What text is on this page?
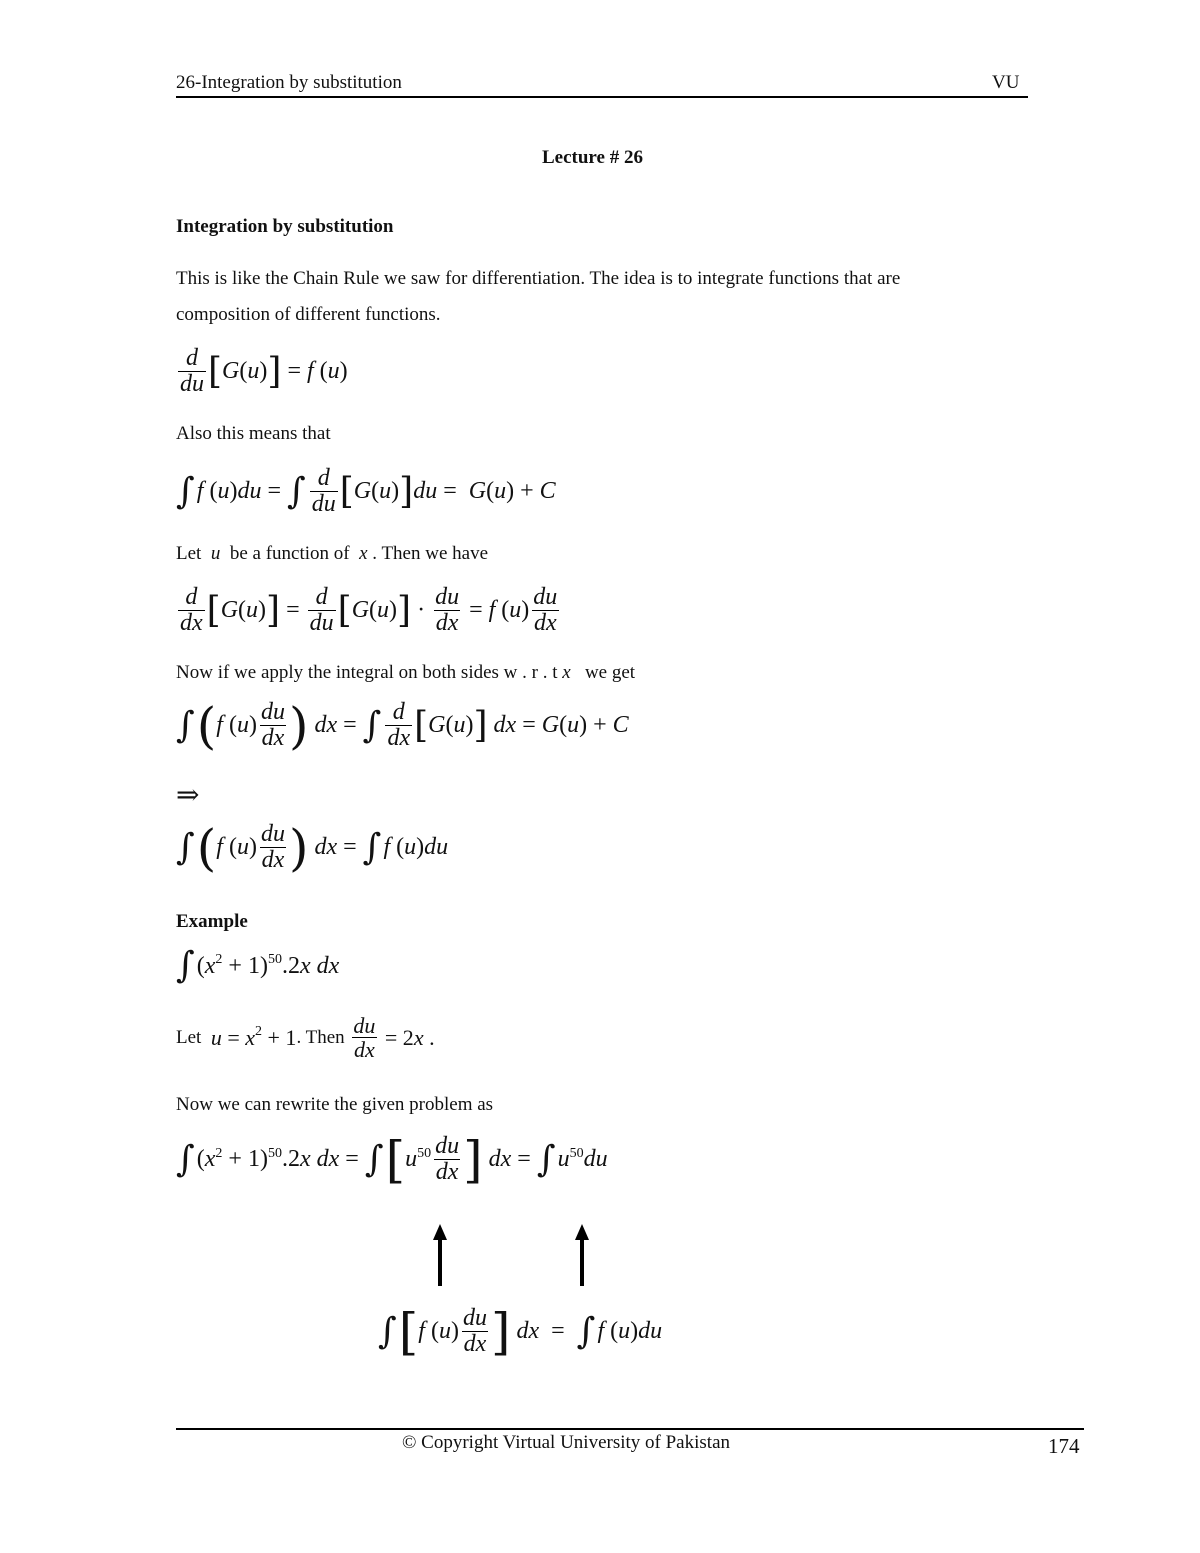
26-Integration by substitution	VU
Lecture # 26
Integration by substitution
This is like the Chain Rule we saw for differentiation. The idea is to integrate functions that are
composition of different functions.
$\frac{d}{du}$ [ G ( u ) ] = f ( u )
Also this means that
∫ f ( u ) du = ∫ $\frac{d}{du}$ [ G ( u ) ] du = G ( u ) + C
Let u be a function of x . Then we have
$\frac{d}{dx}$ [ G ( u ) ] = $\frac{d}{du}$ [ G ( u ) ] · $\frac{du}{dx} = f$ ( u ) $\frac{du}{dx}$
Now if we apply the integral on both sides w . r . t x we get
∫ ( f ( u ) $\frac{du}{dx}$ ) dx = ∫ $\frac{d}{dx}$ [ G ( u ) ] dx = G ( u ) + C
⇒
∫ ( f ( u ) $\frac{du}{dx}$ ) dx = ∫ f ( u ) du
Example
∫ ( x 2 + 1) 50 .2 x dx
Let
u = x 2 + 1 . Then
$\frac{du}{dx} = 2$ x .
Now we can rewrite the given problem as
∫ ( x 2 + 1) 50 .2 x dx = ∫ [ u $50 \frac{du}{dx}$ ] dx = ∫ u 50 du
∫ [ f ( u ) $\frac{du}{dx}$ ] dx = ∫ f ( u ) du
© Copyright Virtual University of Pakistan	174
